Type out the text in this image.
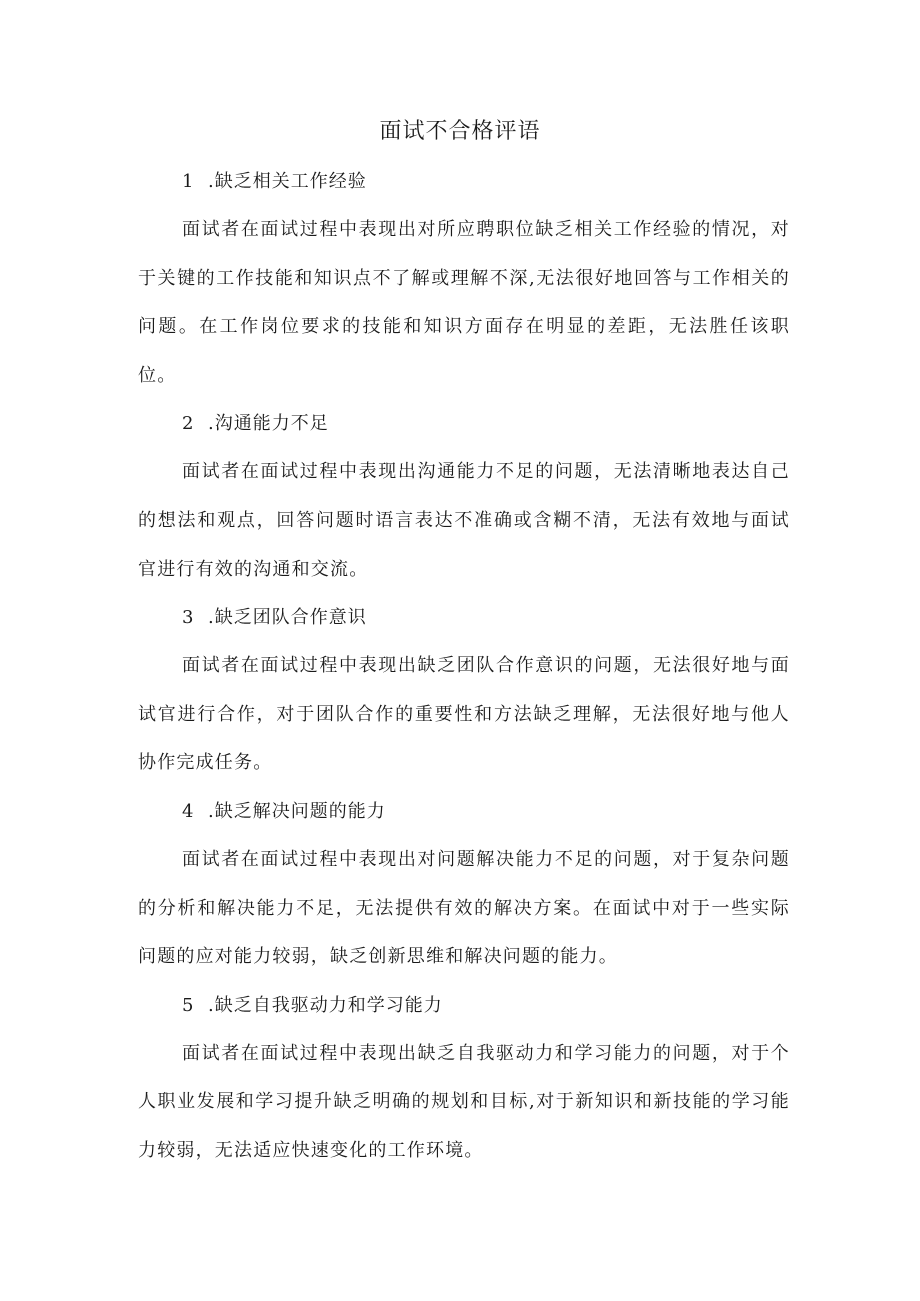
面试不合格评语
1 .缺乏相关工作经验

面试者在面试过程中表现出对所应聘职位缺乏相关工作经验的情况，对于关键的工作技能和知识点不了解或理解不深,无法很好地回答与工作相关的问题。在工作岗位要求的技能和知识方面存在明显的差距，无法胜任该职位。

2 .沟通能力不足

面试者在面试过程中表现出沟通能力不足的问题，无法清晰地表达自己的想法和观点，回答问题时语言表达不准确或含糊不清，无法有效地与面试官进行有效的沟通和交流。

3 .缺乏团队合作意识

面试者在面试过程中表现出缺乏团队合作意识的问题，无法很好地与面试官进行合作，对于团队合作的重要性和方法缺乏理解，无法很好地与他人协作完成任务。

4 .缺乏解决问题的能力

面试者在面试过程中表现出对问题解决能力不足的问题，对于复杂问题的分析和解决能力不足，无法提供有效的解决方案。在面试中对于一些实际问题的应对能力较弱，缺乏创新思维和解决问题的能力。

5 .缺乏自我驱动力和学习能力

面试者在面试过程中表现出缺乏自我驱动力和学习能力的问题，对于个人职业发展和学习提升缺乏明确的规划和目标,对于新知识和新技能的学习能力较弱，无法适应快速变化的工作环境。
